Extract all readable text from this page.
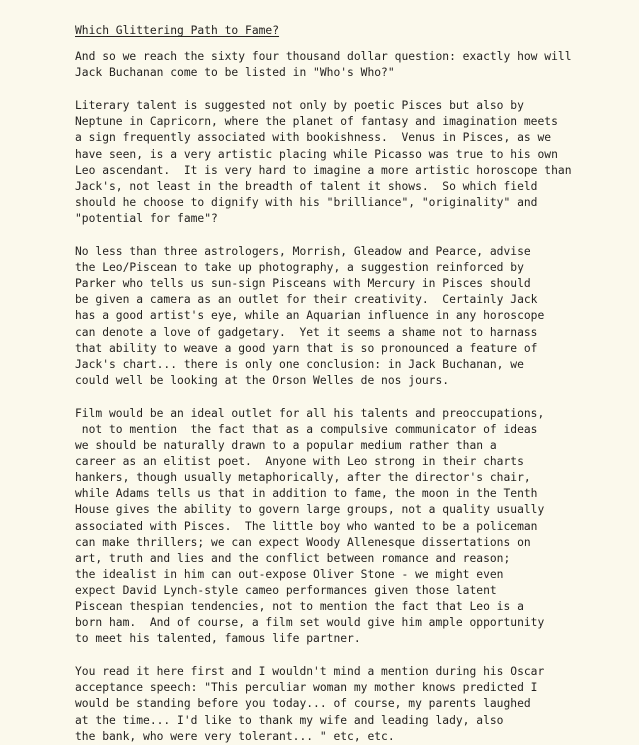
Which Glittering Path to Fame?
And so we reach the sixty four thousand dollar question: exactly how will
Jack Buchanan come to be listed in "Who's Who?"
Literary talent is suggested not only by poetic Pisces but also by
Neptune in Capricorn, where the planet of fantasy and imagination meets
a sign frequently associated with bookishness.  Venus in Pisces, as we
have seen, is a very artistic placing while Picasso was true to his own
Leo ascendant.  It is very hard to imagine a more artistic horoscope than
Jack's, not least in the breadth of talent it shows.  So which field
should he choose to dignify with his "brilliance", "originality" and
"potential for fame"?
No less than three astrologers, Morrish, Gleadow and Pearce, advise
the Leo/Piscean to take up photography, a suggestion reinforced by
Parker who tells us sun-sign Pisceans with Mercury in Pisces should
be given a camera as an outlet for their creativity.  Certainly Jack
has a good artist's eye, while an Aquarian influence in any horoscope
can denote a love of gadgetary.  Yet it seems a shame not to harnass
that ability to weave a good yarn that is so pronounced a feature of
Jack's chart... there is only one conclusion: in Jack Buchanan, we
could well be looking at the Orson Welles de nos jours.
Film would be an ideal outlet for all his talents and preoccupations,
not to mention  the fact that as a compulsive communicator of ideas
we should be naturally drawn to a popular medium rather than a
career as an elitist poet.  Anyone with Leo strong in their charts
hankers, though usually metaphorically, after the director's chair,
while Adams tells us that in addition to fame, the moon in the Tenth
House gives the ability to govern large groups, not a quality usually
associated with Pisces.  The little boy who wanted to be a policeman
can make thrillers; we can expect Woody Allenesque dissertations on
art, truth and lies and the conflict between romance and reason;
the idealist in him can out-expose Oliver Stone - we might even
expect David Lynch-style cameo performances given those latent
Piscean thespian tendencies, not to mention the fact that Leo is a
born ham.  And of course, a film set would give him ample opportunity
to meet his talented, famous life partner.
You read it here first and I wouldn't mind a mention during his Oscar
acceptance speech: "This perculiar woman my mother knows predicted I
would be standing before you today... of course, my parents laughed
at the time... I'd like to thank my wife and leading lady, also
the bank, who were very tolerant... " etc, etc.
